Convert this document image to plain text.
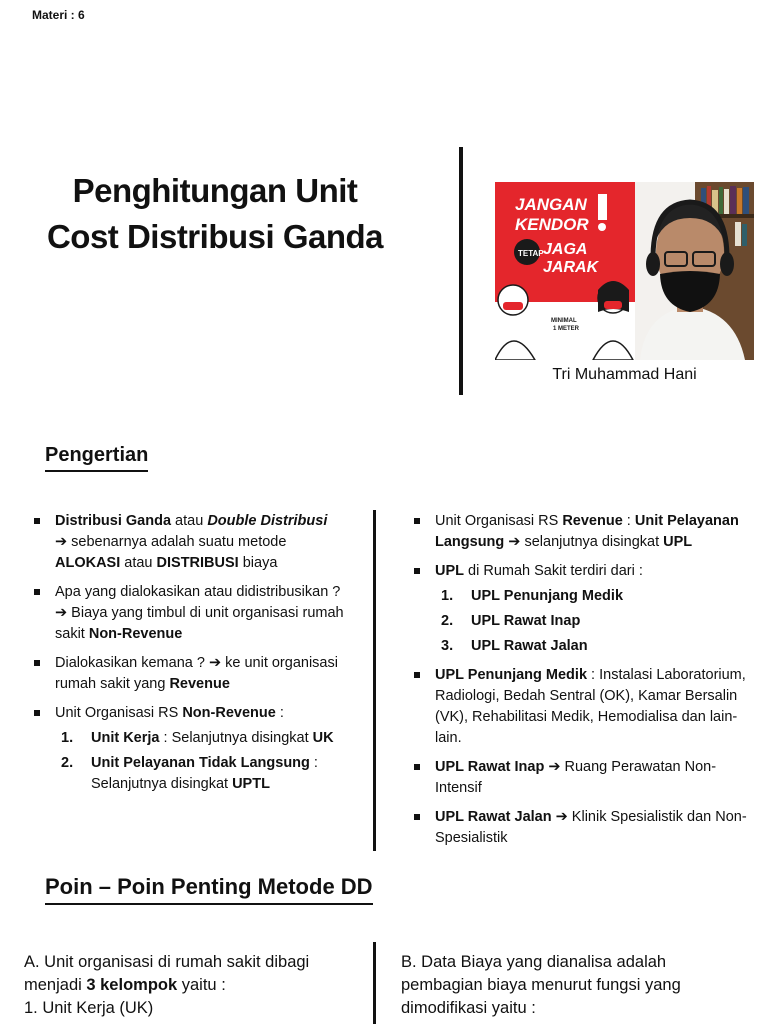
Materi : 6
Penghitungan Unit
Cost Distribusi Ganda
JANGAN
KENDOR
TETAP JAGA
JARAK
MINIMAL
1 METER
Tri Muhammad Hani
Pengertian
Distribusi Ganda atau Double Distribusi
➔ sebenarnya adalah suatu metode ALOKASI atau DISTRIBUSI biaya
Apa yang dialokasikan atau didistribusikan ? ➔ Biaya yang timbul di unit organisasi rumah sakit Non-Revenue
Dialokasikan kemana ? ➔ ke unit organisasi rumah sakit yang Revenue
Unit Organisasi RS Non-Revenue :
1. Unit Kerja : Selanjutnya disingkat UK
2. Unit Pelayanan Tidak Langsung : Selanjutnya disingkat UPTL
Unit Organisasi RS Revenue : Unit Pelayanan Langsung ➔ selanjutnya disingkat UPL
UPL di Rumah Sakit terdiri dari :
1. UPL Penunjang Medik
2. UPL Rawat Inap
3. UPL Rawat Jalan
UPL Penunjang Medik : Instalasi Laboratorium, Radiologi, Bedah Sentral (OK), Kamar Bersalin (VK), Rehabilitasi Medik, Hemodialisa dan lain-lain.
UPL Rawat Inap ➔ Ruang Perawatan Non-Intensif
UPL Rawat Jalan ➔ Klinik Spesialistik dan Non-Spesialistik
Poin – Poin Penting Metode DD
A. Unit organisasi di rumah sakit dibagi menjadi 3 kelompok yaitu :
1. Unit Kerja (UK)
B. Data Biaya yang dianalisa adalah pembagian biaya menurut fungsi yang dimodifikasi yaitu :
